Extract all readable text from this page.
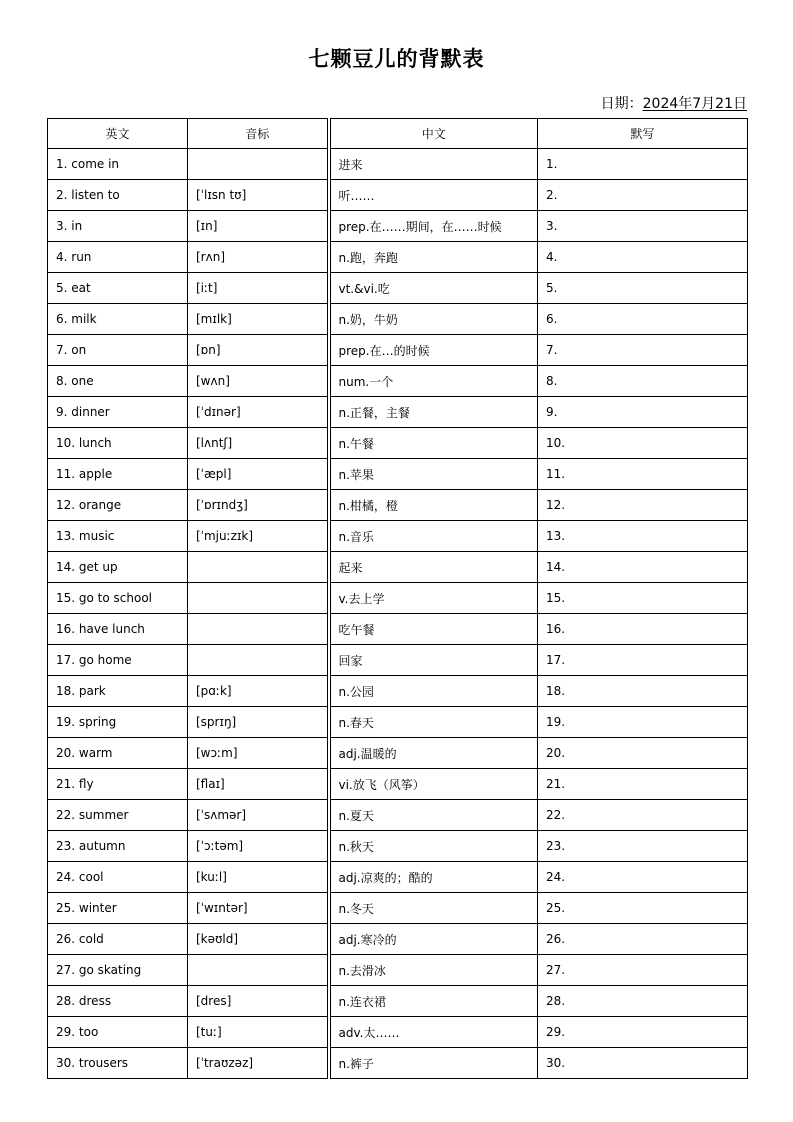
七颗豆儿的背默表
日期：2024年7月21日
英文	音标	中文	默写
1. come in		进来	1.
2. listen to	[ˈlɪsn tʊ]	听……	2.
3. in	[ɪn]	prep.在……期间，在……时候	3.
4. run	[rʌn]	n.跑，奔跑	4.
5. eat	[iːt]	vt.&vi.吃	5.
6. milk	[mɪlk]	n.奶，牛奶	6.
7. on	[ɒn]	prep.在…的时候	7.
8. one	[wʌn]	num.一个	8.
9. dinner	[ˈdɪnər]	n.正餐，主餐	9.
10. lunch	[lʌntʃ]	n.午餐	10.
11. apple	[ˈæpl]	n.苹果	11.
12. orange	[ˈɒrɪndʒ]	n.柑橘，橙	12.
13. music	[ˈmjuːzɪk]	n.音乐	13.
14. get up		起来	14.
15. go to school		v.去上学	15.
16. have lunch		吃午餐	16.
17. go home		回家	17.
18. park	[pɑːk]	n.公园	18.
19. spring	[sprɪŋ]	n.春天	19.
20. warm	[wɔːm]	adj.温暖的	20.
21. fly	[flaɪ]	vi.放飞（风筝）	21.
22. summer	[ˈsʌmər]	n.夏天	22.
23. autumn	[ˈɔːtəm]	n.秋天	23.
24. cool	[kuːl]	adj.凉爽的；酷的	24.
25. winter	[ˈwɪntər]	n.冬天	25.
26. cold	[kəʊld]	adj.寒冷的	26.
27. go skating		n.去滑冰	27.
28. dress	[dres]	n.连衣裙	28.
29. too	[tuː]	adv.太……	29.
30. trousers	[ˈtraʊzəz]	n.裤子	30.
